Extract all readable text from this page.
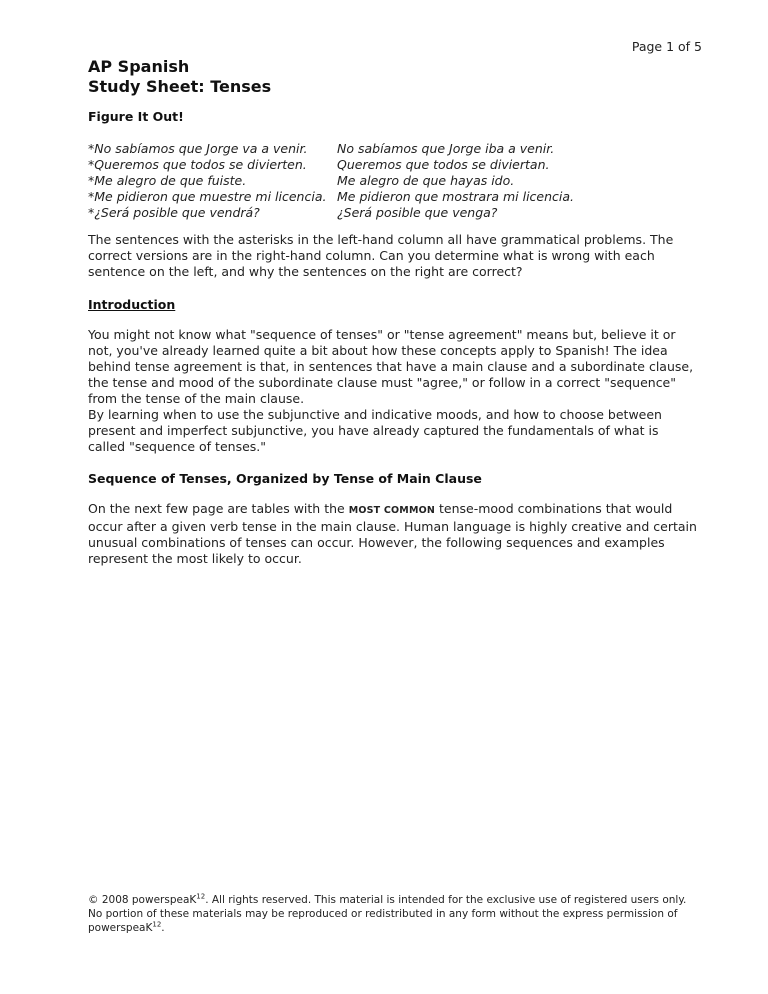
Page 1 of 5
AP Spanish
Study Sheet: Tenses
Figure It Out!
*No sabíamos que Jorge va a venir.
*Queremos que todos se divierten.
*Me alegro de que fuiste.
*Me pidieron que muestre mi licencia.
*¿Será posible que vendrá?
No sabíamos que Jorge iba a venir.
Queremos que todos se diviertan.
Me alegro de que hayas ido.
Me pidieron que mostrara mi licencia.
¿Será posible que venga?

The sentences with the asterisks in the left-hand column all have grammatical problems. The correct versions are in the right-hand column. Can you determine what is wrong with each sentence on the left, and why the sentences on the right are correct?

Introduction

You might not know what "sequence of tenses" or "tense agreement" means but, believe it or not, you've already learned quite a bit about how these concepts apply to Spanish! The idea behind tense agreement is that, in sentences that have a main clause and a subordinate clause, the tense and mood of the subordinate clause must "agree," or follow in a correct "sequence" from the tense of the main clause.

By learning when to use the subjunctive and indicative moods, and how to choose between present and imperfect subjunctive, you have already captured the fundamentals of what is called "sequence of tenses."

Sequence of Tenses, Organized by Tense of Main Clause

On the next few page are tables with the MOST COMMON tense-mood combinations that would occur after a given verb tense in the main clause. Human language is highly creative and certain unusual combinations of tenses can occur. However, the following sequences and examples represent the most likely to occur.

© 2008 powerspeaK$^{12}$. All rights reserved. This material is intended for the exclusive use of registered users only. No portion of these materials may be reproduced or redistributed in any form without the express permission of powerspeaK$^{12}$.
